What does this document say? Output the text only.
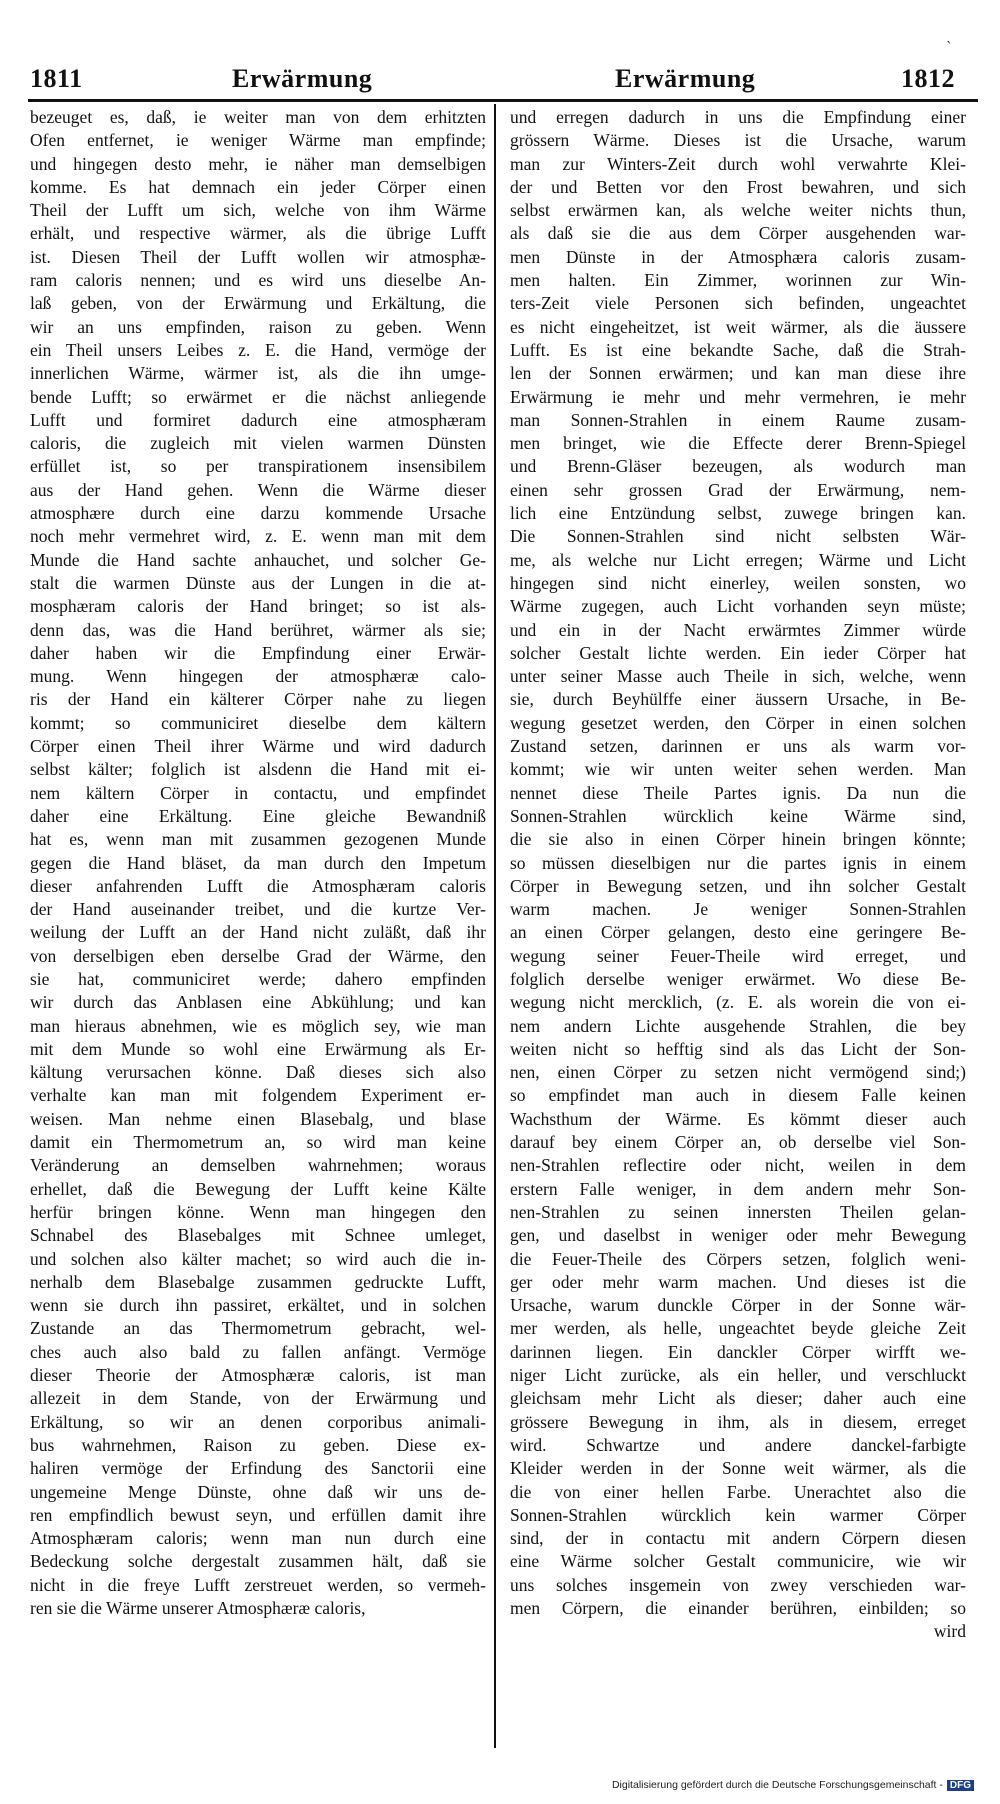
1811	Erwärmung	Erwärmung	1812
`
bezeuget es, daß, ie weiter man von dem erhitzten
Ofen entfernet, ie weniger Wärme man empfinde;
und hingegen desto mehr, ie näher man demselbigen
komme. Es hat demnach ein jeder Cörper einen
Theil der Lufft um sich, welche von ihm Wärme
erhält, und respective wärmer, als die übrige Lufft
ist. Diesen Theil der Lufft wollen wir atmosphæ-
ram caloris nennen; und es wird uns dieselbe An-
laß geben, von der Erwärmung und Erkältung, die
wir an uns empfinden, raison zu geben. Wenn
ein Theil unsers Leibes z. E. die Hand, vermöge der
innerlichen Wärme, wärmer ist, als die ihn umge-
bende Lufft; so erwärmet er die nächst anliegende
Lufft und formiret dadurch eine atmosphæram
caloris, die zugleich mit vielen warmen Dünsten
erfüllet ist, so per transpirationem insensibilem
aus der Hand gehen. Wenn die Wärme dieser
atmosphære durch eine darzu kommende Ursache
noch mehr vermehret wird, z. E. wenn man mit dem
Munde die Hand sachte anhauchet, und solcher Ge-
stalt die warmen Dünste aus der Lungen in die at-
mosphæram caloris der Hand bringet; so ist als-
denn das, was die Hand berühret, wärmer als sie;
daher haben wir die Empfindung einer Erwär-
mung. Wenn hingegen der atmosphæræ calo-
ris der Hand ein kälterer Cörper nahe zu liegen
kommt; so communiciret dieselbe dem kältern
Cörper einen Theil ihrer Wärme und wird dadurch
selbst kälter; folglich ist alsdenn die Hand mit ei-
nem kältern Cörper in contactu, und empfindet
daher eine Erkältung. Eine gleiche Bewandniß
hat es, wenn man mit zusammen gezogenen Munde
gegen die Hand bläset, da man durch den Impetum
dieser anfahrenden Lufft die Atmosphæram caloris
der Hand auseinander treibet, und die kurtze Ver-
weilung der Lufft an der Hand nicht zuläßt, daß ihr
von derselbigen eben derselbe Grad der Wärme, den
sie hat, communiciret werde; dahero empfinden
wir durch das Anblasen eine Abkühlung; und kan
man hieraus abnehmen, wie es möglich sey, wie man
mit dem Munde so wohl eine Erwärmung als Er-
kältung verursachen könne. Daß dieses sich also
verhalte kan man mit folgendem Experiment er-
weisen. Man nehme einen Blasebalg, und blase
damit ein Thermometrum an, so wird man keine
Veränderung an demselben wahrnehmen; woraus
erhellet, daß die Bewegung der Lufft keine Kälte
herfür bringen könne. Wenn man hingegen den
Schnabel des Blasebalges mit Schnee umleget,
und solchen also kälter machet; so wird auch die in-
nerhalb dem Blasebalge zusammen gedruckte Lufft,
wenn sie durch ihn passiret, erkältet, und in solchen
Zustande an das Thermometrum gebracht, wel-
ches auch also bald zu fallen anfängt. Vermöge
dieser Theorie der Atmosphæræ caloris, ist man
allezeit in dem Stande, von der Erwärmung und
Erkältung, so wir an denen corporibus animali-
bus wahrnehmen, Raison zu geben. Diese ex-
haliren vermöge der Erfindung des Sanctorii eine
ungemeine Menge Dünste, ohne daß wir uns de-
ren empfindlich bewust seyn, und erfüllen damit ihre
Atmosphæram caloris; wenn man nun durch eine
Bedeckung solche dergestalt zusammen hält, daß sie
nicht in die freye Lufft zerstreuet werden, so vermeh-
ren sie die Wärme unserer Atmosphæræ caloris,
und erregen dadurch in uns die Empfindung einer
grössern Wärme. Dieses ist die Ursache, warum
man zur Winters-Zeit durch wohl verwahrte Klei-
der und Betten vor den Frost bewahren, und sich
selbst erwärmen kan, als welche weiter nichts thun,
als daß sie die aus dem Cörper ausgehenden war-
men Dünste in der Atmosphæra caloris zusam-
men halten. Ein Zimmer, worinnen zur Win-
ters-Zeit viele Personen sich befinden, ungeachtet
es nicht eingeheitzet, ist weit wärmer, als die äussere
Lufft. Es ist eine bekandte Sache, daß die Strah-
len der Sonnen erwärmen; und kan man diese ihre
Erwärmung ie mehr und mehr vermehren, ie mehr
man Sonnen-Strahlen in einem Raume zusam-
men bringet, wie die Effecte derer Brenn-Spiegel
und Brenn-Gläser bezeugen, als wodurch man
einen sehr grossen Grad der Erwärmung, nem-
lich eine Entzündung selbst, zuwege bringen kan.
Die Sonnen-Strahlen sind nicht selbsten Wär-
me, als welche nur Licht erregen; Wärme und Licht
hingegen sind nicht einerley, weilen sonsten, wo
Wärme zugegen, auch Licht vorhanden seyn müste;
und ein in der Nacht erwärmtes Zimmer würde
solcher Gestalt lichte werden. Ein ieder Cörper hat
unter seiner Masse auch Theile in sich, welche, wenn
sie, durch Beyhülffe einer äussern Ursache, in Be-
wegung gesetzet werden, den Cörper in einen solchen
Zustand setzen, darinnen er uns als warm vor-
kommt; wie wir unten weiter sehen werden. Man
nennet diese Theile Partes ignis. Da nun die
Sonnen-Strahlen würcklich keine Wärme sind,
die sie also in einen Cörper hinein bringen könnte;
so müssen dieselbigen nur die partes ignis in einem
Cörper in Bewegung setzen, und ihn solcher Gestalt
warm machen. Je weniger Sonnen-Strahlen
an einen Cörper gelangen, desto eine geringere Be-
wegung seiner Feuer-Theile wird erreget, und
folglich derselbe weniger erwärmet. Wo diese Be-
wegung nicht mercklich, (z. E. als worein die von ei-
nem andern Lichte ausgehende Strahlen, die bey
weiten nicht so hefftig sind als das Licht der Son-
nen, einen Cörper zu setzen nicht vermögend sind;)
so empfindet man auch in diesem Falle keinen
Wachsthum der Wärme. Es kömmt dieser auch
darauf bey einem Cörper an, ob derselbe viel Son-
nen-Strahlen reflectire oder nicht, weilen in dem
erstern Falle weniger, in dem andern mehr Son-
nen-Strahlen zu seinen innersten Theilen gelan-
gen, und daselbst in weniger oder mehr Bewegung
die Feuer-Theile des Cörpers setzen, folglich weni-
ger oder mehr warm machen. Und dieses ist die
Ursache, warum dunckle Cörper in der Sonne wär-
mer werden, als helle, ungeachtet beyde gleiche Zeit
darinnen liegen. Ein danckler Cörper wirfft we-
niger Licht zurücke, als ein heller, und verschluckt
gleichsam mehr Licht als dieser; daher auch eine
grössere Bewegung in ihm, als in diesem, erreget
wird. Schwartze und andere danckel-farbigte
Kleider werden in der Sonne weit wärmer, als die
die von einer hellen Farbe. Unerachtet also die
Sonnen-Strahlen würcklich kein warmer Cörper
sind, der in contactu mit andern Cörpern diesen
eine Wärme solcher Gestalt communicire, wie wir
uns solches insgemein von zwey verschieden war-
men Cörpern, die einander berühren, einbilden; so
wird
Digitalisierung gefördert durch die Deutsche Forschungsgemeinschaft - DFG
